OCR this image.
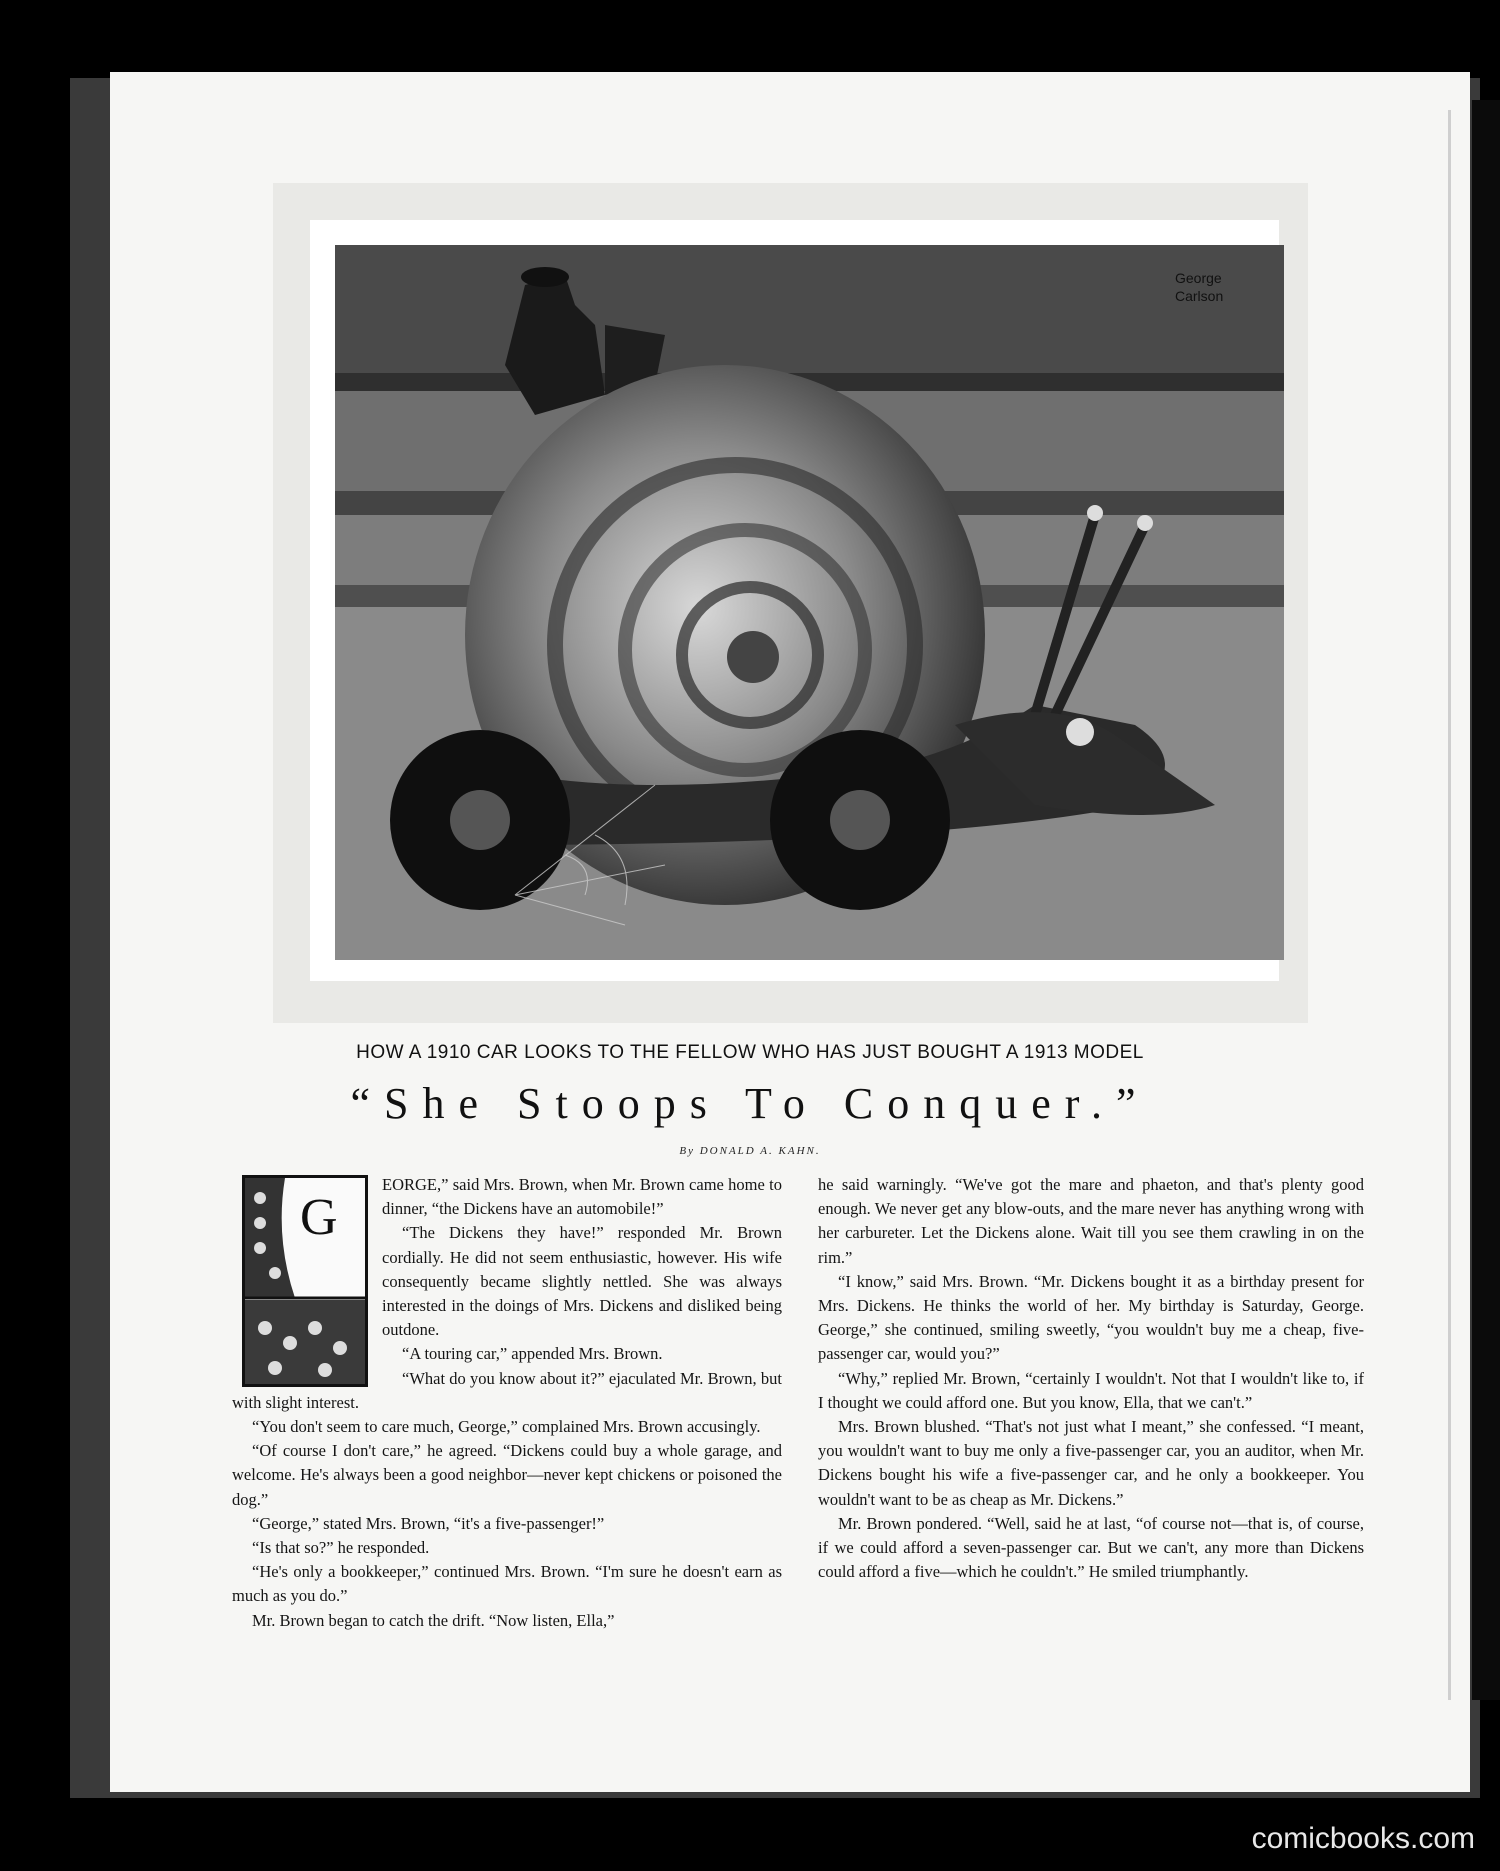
George
Carlson
HOW A 1910 CAR LOOKS TO THE FELLOW WHO HAS JUST BOUGHT A 1913 MODEL
“She Stoops To Conquer.”
By DONALD A. KAHN.
G

EORGE,” said Mrs. Brown, when Mr. Brown came home to dinner, “the Dickens have an automobile!”

“The Dickens they have!” responded Mr. Brown cordially. He did not seem enthusiastic, however. His wife consequently became slightly nettled. She was always interested in the doings of Mrs. Dickens and disliked being outdone.

“A touring car,” appended Mrs. Brown.

“What do you know about it?” ejaculated Mr. Brown, but with slight interest.

“You don't seem to care much, George,” complained Mrs. Brown accusingly.

“Of course I don't care,” he agreed. “Dickens could buy a whole garage, and welcome. He's always been a good neighbor—never kept chickens or poisoned the dog.”

“George,” stated Mrs. Brown, “it's a five-passenger!”

“Is that so?” he responded.

“He's only a bookkeeper,” continued Mrs. Brown. “I'm sure he doesn't earn as much as you do.”

Mr. Brown began to catch the drift. “Now listen, Ella,”

he said warningly. “We've got the mare and phaeton, and that's plenty good enough. We never get any blow-outs, and the mare never has anything wrong with her carbureter. Let the Dickens alone. Wait till you see them crawling in on the rim.”

“I know,” said Mrs. Brown. “Mr. Dickens bought it as a birthday present for Mrs. Dickens. He thinks the world of her. My birthday is Saturday, George. George,” she continued, smiling sweetly, “you wouldn't buy me a cheap, five-passenger car, would you?”

“Why,” replied Mr. Brown, “certainly I wouldn't. Not that I wouldn't like to, if I thought we could afford one. But you know, Ella, that we can't.”

Mrs. Brown blushed. “That's not just what I meant,” she confessed. “I meant, you wouldn't want to buy me only a five-passenger car, you an auditor, when Mr. Dickens bought his wife a five-passenger car, and he only a bookkeeper. You wouldn't want to be as cheap as Mr. Dickens.”

Mr. Brown pondered. “Well, said he at last, “of course not—that is, of course, if we could afford a seven-passenger car. But we can't, any more than Dickens could afford a five—which he couldn't.” He smiled triumphantly.

comicbooks.com
